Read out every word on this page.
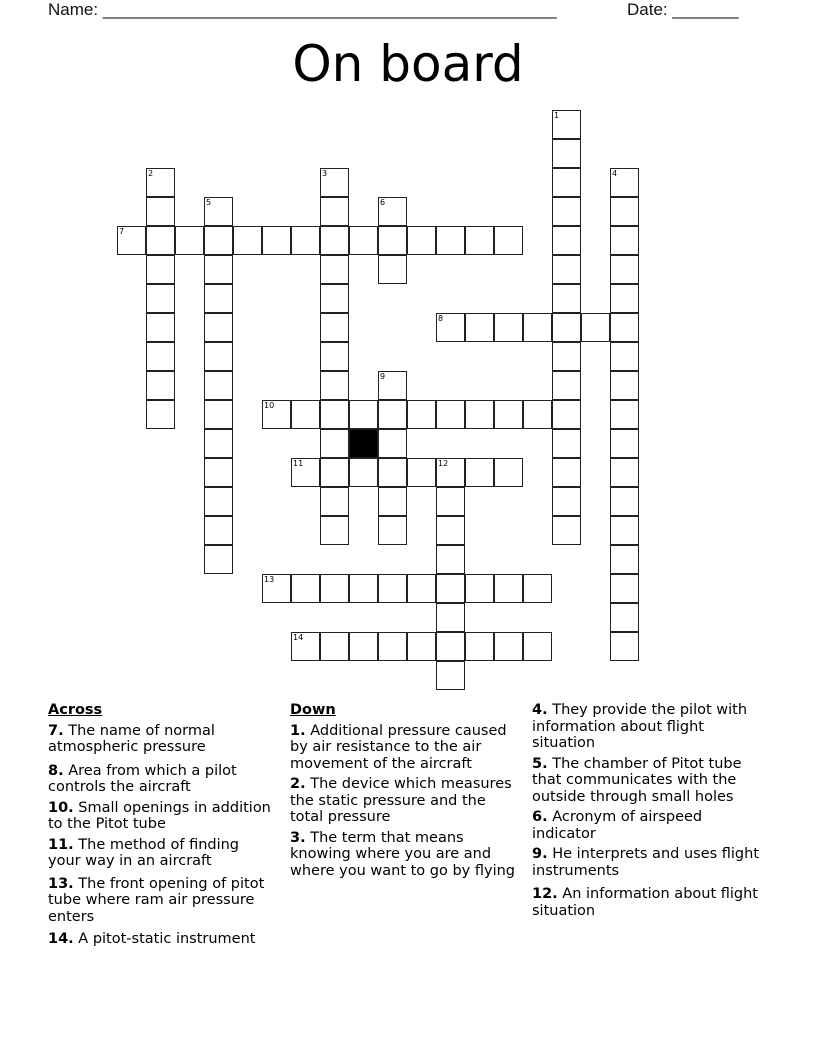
Name: ________________________________________________	Date: _______
On board
1
2	3	4
5	6
7
8
9
10
11	12
13
14
Across
7. The name of normal atmospheric pressure
8. Area from which a pilot controls the aircraft
10. Small openings in addition to the Pitot tube
11. The method of finding your way in an aircraft
13. The front opening of pitot tube where ram air pressure enters
14. A pitot-static instrument
Down
1. Additional pressure caused by air resistance to the air movement of the aircraft
2. The device which measures the static pressure and the total pressure
3. The term that means knowing where you are and where you want to go by flying
4. They provide the pilot with information about flight situation
5. The chamber of Pitot tube that communicates with the outside through small holes
6. Acronym of airspeed indicator
9. He interprets and uses flight instruments
12. An information about flight situation
